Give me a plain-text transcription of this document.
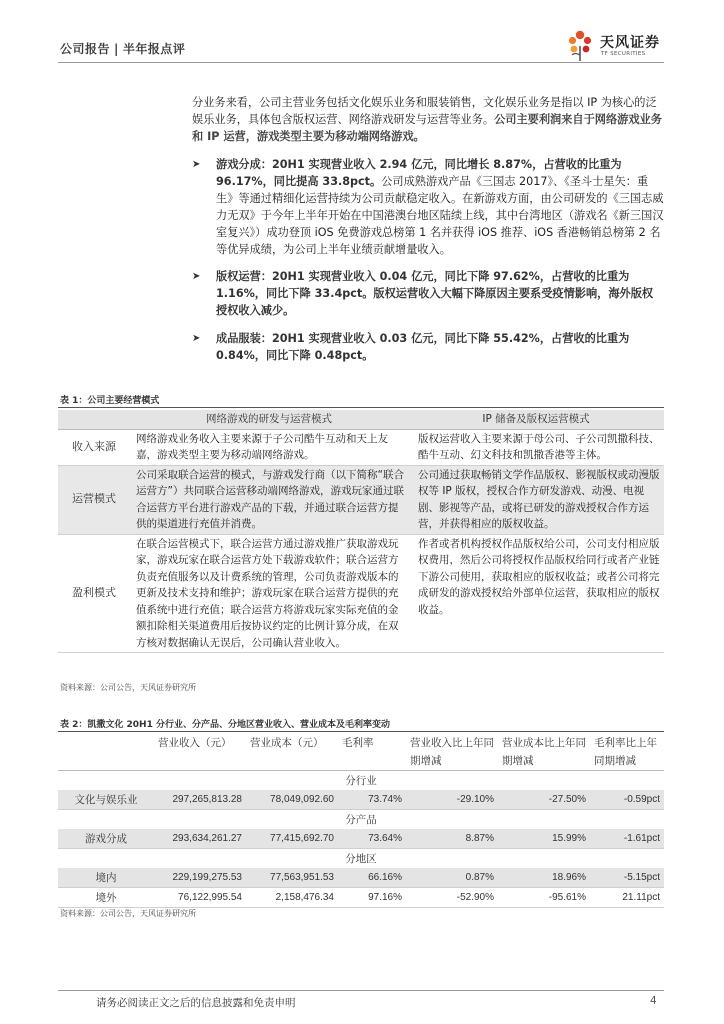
公司报告 | 半年报点评	天风证券
TF SECURITIES
分业务来看，公司主营业务包括文化娱乐业务和服装销售，文化娱乐业务是指以 IP 为核心的泛娱乐业务，具体包含版权运营、网络游戏研发与运营等业务。公司主要利润来自于网络游戏业务和 IP 运营，游戏类型主要为移动端网络游戏。
➤ 游戏分成：20H1 实现营业收入 2.94 亿元，同比增长 8.87%，占营收的比重为 96.17%，同比提高 33.8pct。公司成熟游戏产品《三国志 2017》、《圣斗士星矢：重生》等通过精细化运营持续为公司贡献稳定收入。在新游戏方面，由公司研发的《三国志威力无双》于今年上半年开始在中国港澳台地区陆续上线，其中台湾地区（游戏名《新三国汉室复兴》）成功登顶 iOS 免费游戏总榜第 1 名并获得 iOS 推荐、iOS 香港畅销总榜第 2 名等优异成绩，为公司上半年业绩贡献增量收入。
➤ 版权运营：20H1 实现营业收入 0.04 亿元，同比下降 97.62%，占营收的比重为 1.16%，同比下降 33.4pct。版权运营收入大幅下降原因主要系受疫情影响，海外版权授权收入减少。
➤ 成品服装：20H1 实现营业收入 0.03 亿元，同比下降 55.42%，占营收的比重为 0.84%，同比下降 0.48pct。
表 1：公司主要经营模式
	网络游戏的研发与运营模式	IP 储备及版权运营模式
收入来源	网络游戏业务收入主要来源于子公司酷牛互动和天上友嘉，游戏类型主要为移动端网络游戏。	版权运营收入主要来源于母公司、子公司凯撒科技、酷牛互动、幻文科技和凯撒香港等主体。
运营模式	公司采取联合运营的模式，与游戏发行商（以下简称“联合运营方”）共同联合运营移动端网络游戏，游戏玩家通过联合运营方平台进行游戏产品的下载，并通过联合运营方提供的渠道进行充值并消费。	公司通过获取畅销文学作品版权、影视版权或动漫版权等 IP 版权，授权合作方研发游戏、动漫、电视剧、影视等产品，或将已研发的游戏授权合作方运营，并获得相应的版权收益。
盈利模式	在联合运营模式下，联合运营方通过游戏推广获取游戏玩家，游戏玩家在联合运营方处下载游戏软件；联合运营方负责充值服务以及计费系统的管理，公司负责游戏版本的更新及技术支持和维护；游戏玩家在联合运营方提供的充值系统中进行充值；联合运营方将游戏玩家实际充值的金额扣除相关渠道费用后按协议约定的比例计算分成，在双方核对数据确认无误后，公司确认营业收入。	作者或者机构授权作品版权给公司，公司支付相应版权费用，然后公司将授权作品版权给同行或者产业链下游公司使用，获取相应的版权收益；或者公司将完成研发的游戏授权给外部单位运营，获取相应的版权收益。
资料来源：公司公告，天风证券研究所
表 2：凯撒文化 20H1 分行业、分产品、分地区营业收入、营业成本及毛利率变动
	营业收入（元）	营业成本（元）	毛利率	营业收入比上年同期增减	营业成本比上年同期增减	毛利率比上年同期增减
分行业						
文化与娱乐业	297,265,813.28	78,049,092.60	73.74%	-29.10%	-27.50%	-0.59pct
分产品						
游戏分成	293,634,261.27	77,415,692.70	73.64%	8.87%	15.99%	-1.61pct
分地区						
境内	229,199,275.53	77,563,951.53	66.16%	0.87%	18.96%	-5.15pct
境外	76,122,995.54	2,158,476.34	97.16%	-52.90%	-95.61%	21.11pct
资料来源：公司公告，天风证券研究所
请务必阅读正文之后的信息披露和免责申明	4
